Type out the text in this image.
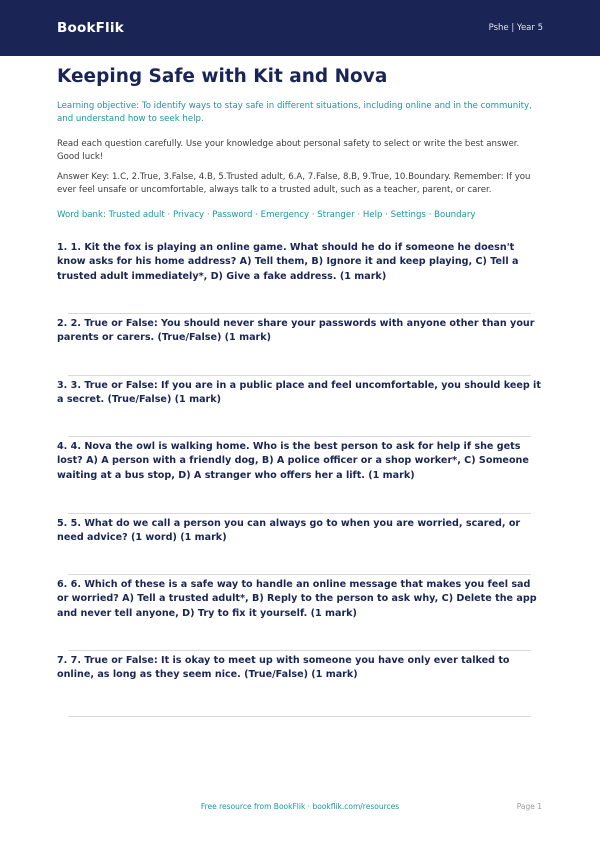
BookFlik	Pshe | Year 5
Keeping Safe with Kit and Nova

Learning objective: To identify ways to stay safe in different situations, including online and in the community, and understand how to seek help.

Read each question carefully. Use your knowledge about personal safety to select or write the best answer. Good luck!

Answer Key: 1.C, 2.True, 3.False, 4.B, 5.Trusted adult, 6.A, 7.False, 8.B, 9.True, 10.Boundary. Remember: If you ever feel unsafe or uncomfortable, always talk to a trusted adult, such as a teacher, parent, or carer.

Word bank: Trusted adult · Privacy · Password · Emergency · Stranger · Help · Settings · Boundary

1. 1. Kit the fox is playing an online game. What should he do if someone he doesn't know asks for his home address? A) Tell them, B) Ignore it and keep playing, C) Tell a trusted adult immediately*, D) Give a fake address. (1 mark)

2. 2. True or False: You should never share your passwords with anyone other than your parents or carers. (True/False) (1 mark)

3. 3. True or False: If you are in a public place and feel uncomfortable, you should keep it a secret. (True/False) (1 mark)

4. 4. Nova the owl is walking home. Who is the best person to ask for help if she gets lost? A) A person with a friendly dog, B) A police officer or a shop worker*, C) Someone waiting at a bus stop, D) A stranger who offers her a lift. (1 mark)

5. 5. What do we call a person you can always go to when you are worried, scared, or need advice? (1 word) (1 mark)

6. 6. Which of these is a safe way to handle an online message that makes you feel sad or worried? A) Tell a trusted adult*, B) Reply to the person to ask why, C) Delete the app and never tell anyone, D) Try to fix it yourself. (1 mark)

7. 7. True or False: It is okay to meet up with someone you have only ever talked to online, as long as they seem nice. (True/False) (1 mark)

Free resource from BookFlik · bookflik.com/resources	Page 1
